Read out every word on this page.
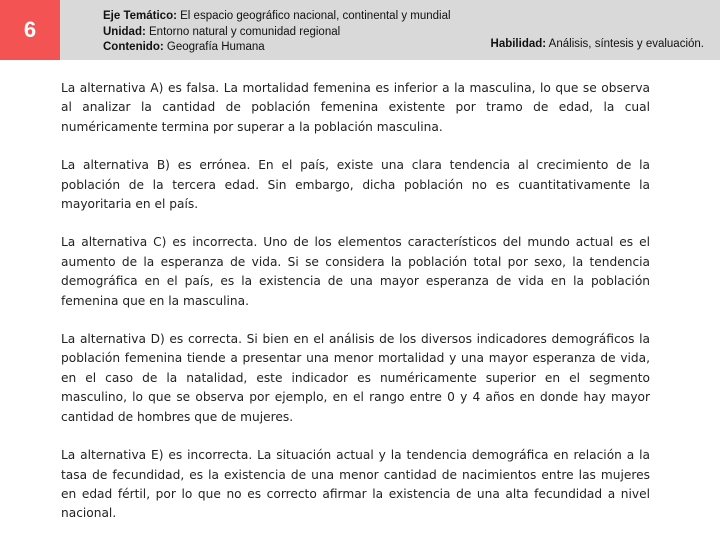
6
Eje Temático: El espacio geográfico nacional, continental y mundial
Unidad: Entorno natural y comunidad regional
Contenido: Geografía Humana	Habilidad: Análisis, síntesis y evaluación.

La alternativa A) es falsa. La mortalidad femenina es inferior a la masculina, lo que se observa al analizar la cantidad de población femenina existente por tramo de edad, la cual numéricamente termina por superar a la población masculina.

La alternativa B) es errónea. En el país, existe una clara tendencia al crecimiento de la población de la tercera edad. Sin embargo, dicha población no es cuantitativamente la mayoritaria en el país.

La alternativa C) es incorrecta. Uno de los elementos característicos del mundo actual es el aumento de la esperanza de vida. Si se considera la población total por sexo, la tendencia demográfica en el país, es la existencia de una mayor esperanza de vida en la población femenina que en la masculina.

La alternativa D) es correcta. Si bien en el análisis de los diversos indicadores demográficos la población femenina tiende a presentar una menor mortalidad y una mayor esperanza de vida, en el caso de la natalidad, este indicador es numéricamente superior en el segmento masculino, lo que se observa por ejemplo, en el rango entre 0 y 4 años en donde hay mayor cantidad de hombres que de mujeres.

La alternativa E) es incorrecta. La situación actual y la tendencia demográfica en relación a la tasa de fecundidad, es la existencia de una menor cantidad de nacimientos entre las mujeres en edad fértil, por lo que no es correcto afirmar la existencia de una alta fecundidad a nivel nacional.
